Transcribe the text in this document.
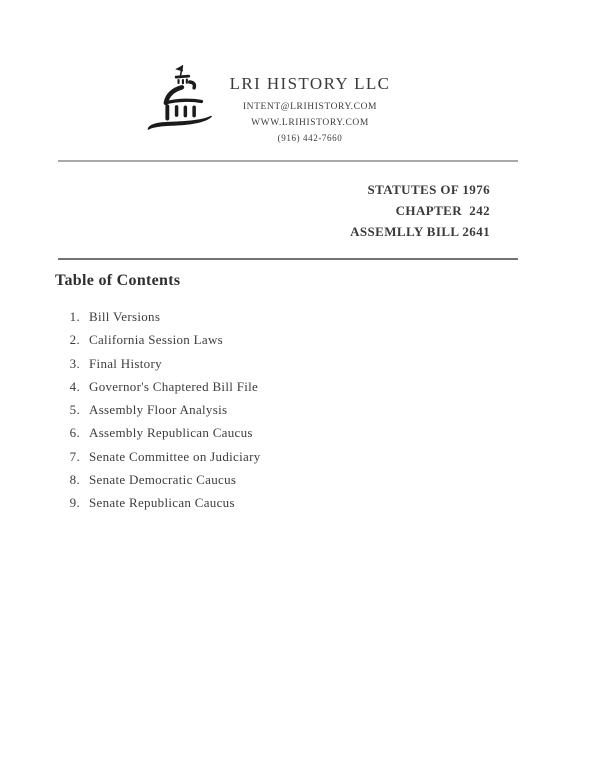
LRI HISTORY LLC
INTENT@LRIHISTORY.COM
WWW.LRIHISTORY.COM
(916) 442-7660
STATUTES OF 1976
CHAPTER  242
ASSEMLLY BILL 2641
Table of Contents
1. Bill Versions
2. California Session Laws
3. Final History
4. Governor's Chaptered Bill File
5. Assembly Floor Analysis
6. Assembly Republican Caucus
7. Senate Committee on Judiciary
8. Senate Democratic Caucus
9. Senate Republican Caucus
